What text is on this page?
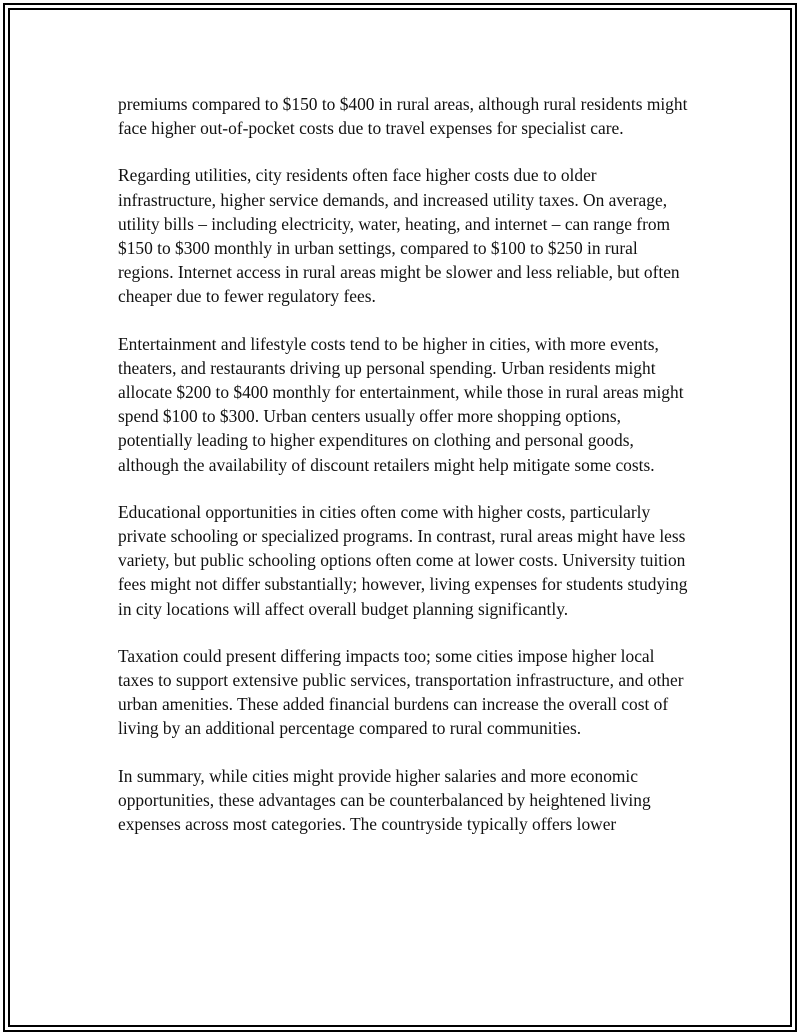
premiums compared to $150 to $400 in rural areas, although rural residents might face higher out-of-pocket costs due to travel expenses for specialist care.

Regarding utilities, city residents often face higher costs due to older infrastructure, higher service demands, and increased utility taxes. On average, utility bills – including electricity, water, heating, and internet – can range from $150 to $300 monthly in urban settings, compared to $100 to $250 in rural regions. Internet access in rural areas might be slower and less reliable, but often cheaper due to fewer regulatory fees.

Entertainment and lifestyle costs tend to be higher in cities, with more events, theaters, and restaurants driving up personal spending. Urban residents might allocate $200 to $400 monthly for entertainment, while those in rural areas might spend $100 to $300. Urban centers usually offer more shopping options, potentially leading to higher expenditures on clothing and personal goods, although the availability of discount retailers might help mitigate some costs.

Educational opportunities in cities often come with higher costs, particularly private schooling or specialized programs. In contrast, rural areas might have less variety, but public schooling options often come at lower costs. University tuition fees might not differ substantially; however, living expenses for students studying in city locations will affect overall budget planning significantly.

Taxation could present differing impacts too; some cities impose higher local taxes to support extensive public services, transportation infrastructure, and other urban amenities. These added financial burdens can increase the overall cost of living by an additional percentage compared to rural communities.

In summary, while cities might provide higher salaries and more economic opportunities, these advantages can be counterbalanced by heightened living expenses across most categories. The countryside typically offers lower
